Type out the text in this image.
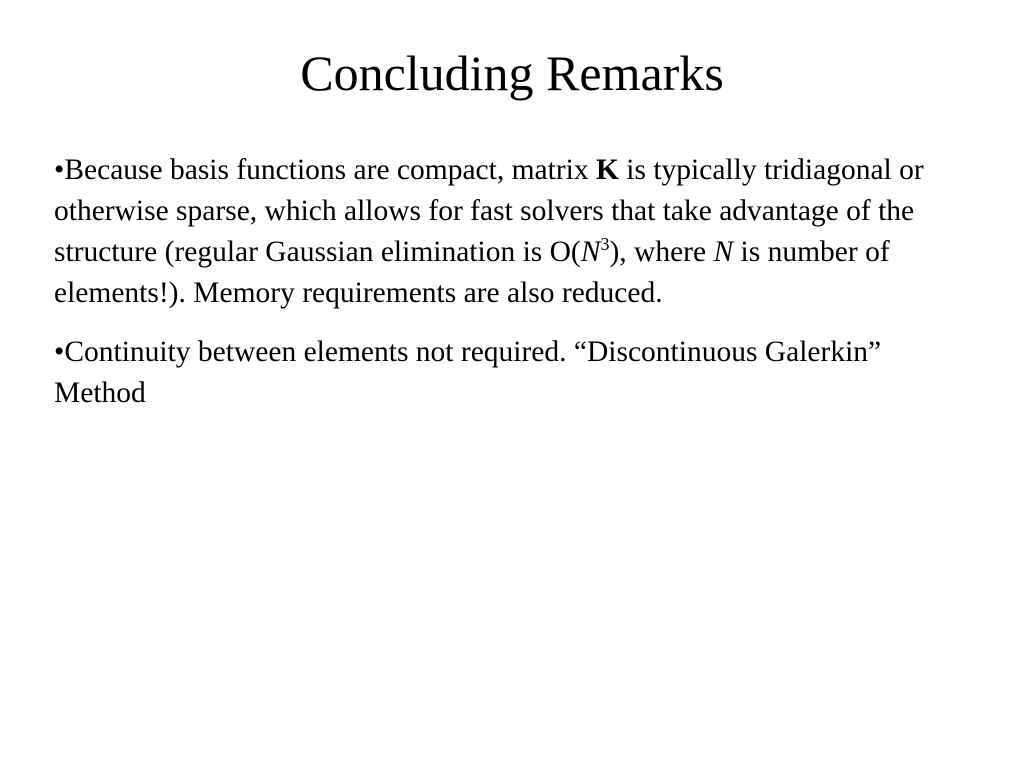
Concluding Remarks
•Because basis functions are compact, matrix K is typically tridiagonal or otherwise sparse, which allows for fast solvers that take advantage of the structure (regular Gaussian elimination is $O(N^3)$, where N is number of elements!). Memory requirements are also reduced.
•Continuity between elements not required. “Discontinuous Galerkin” Method
